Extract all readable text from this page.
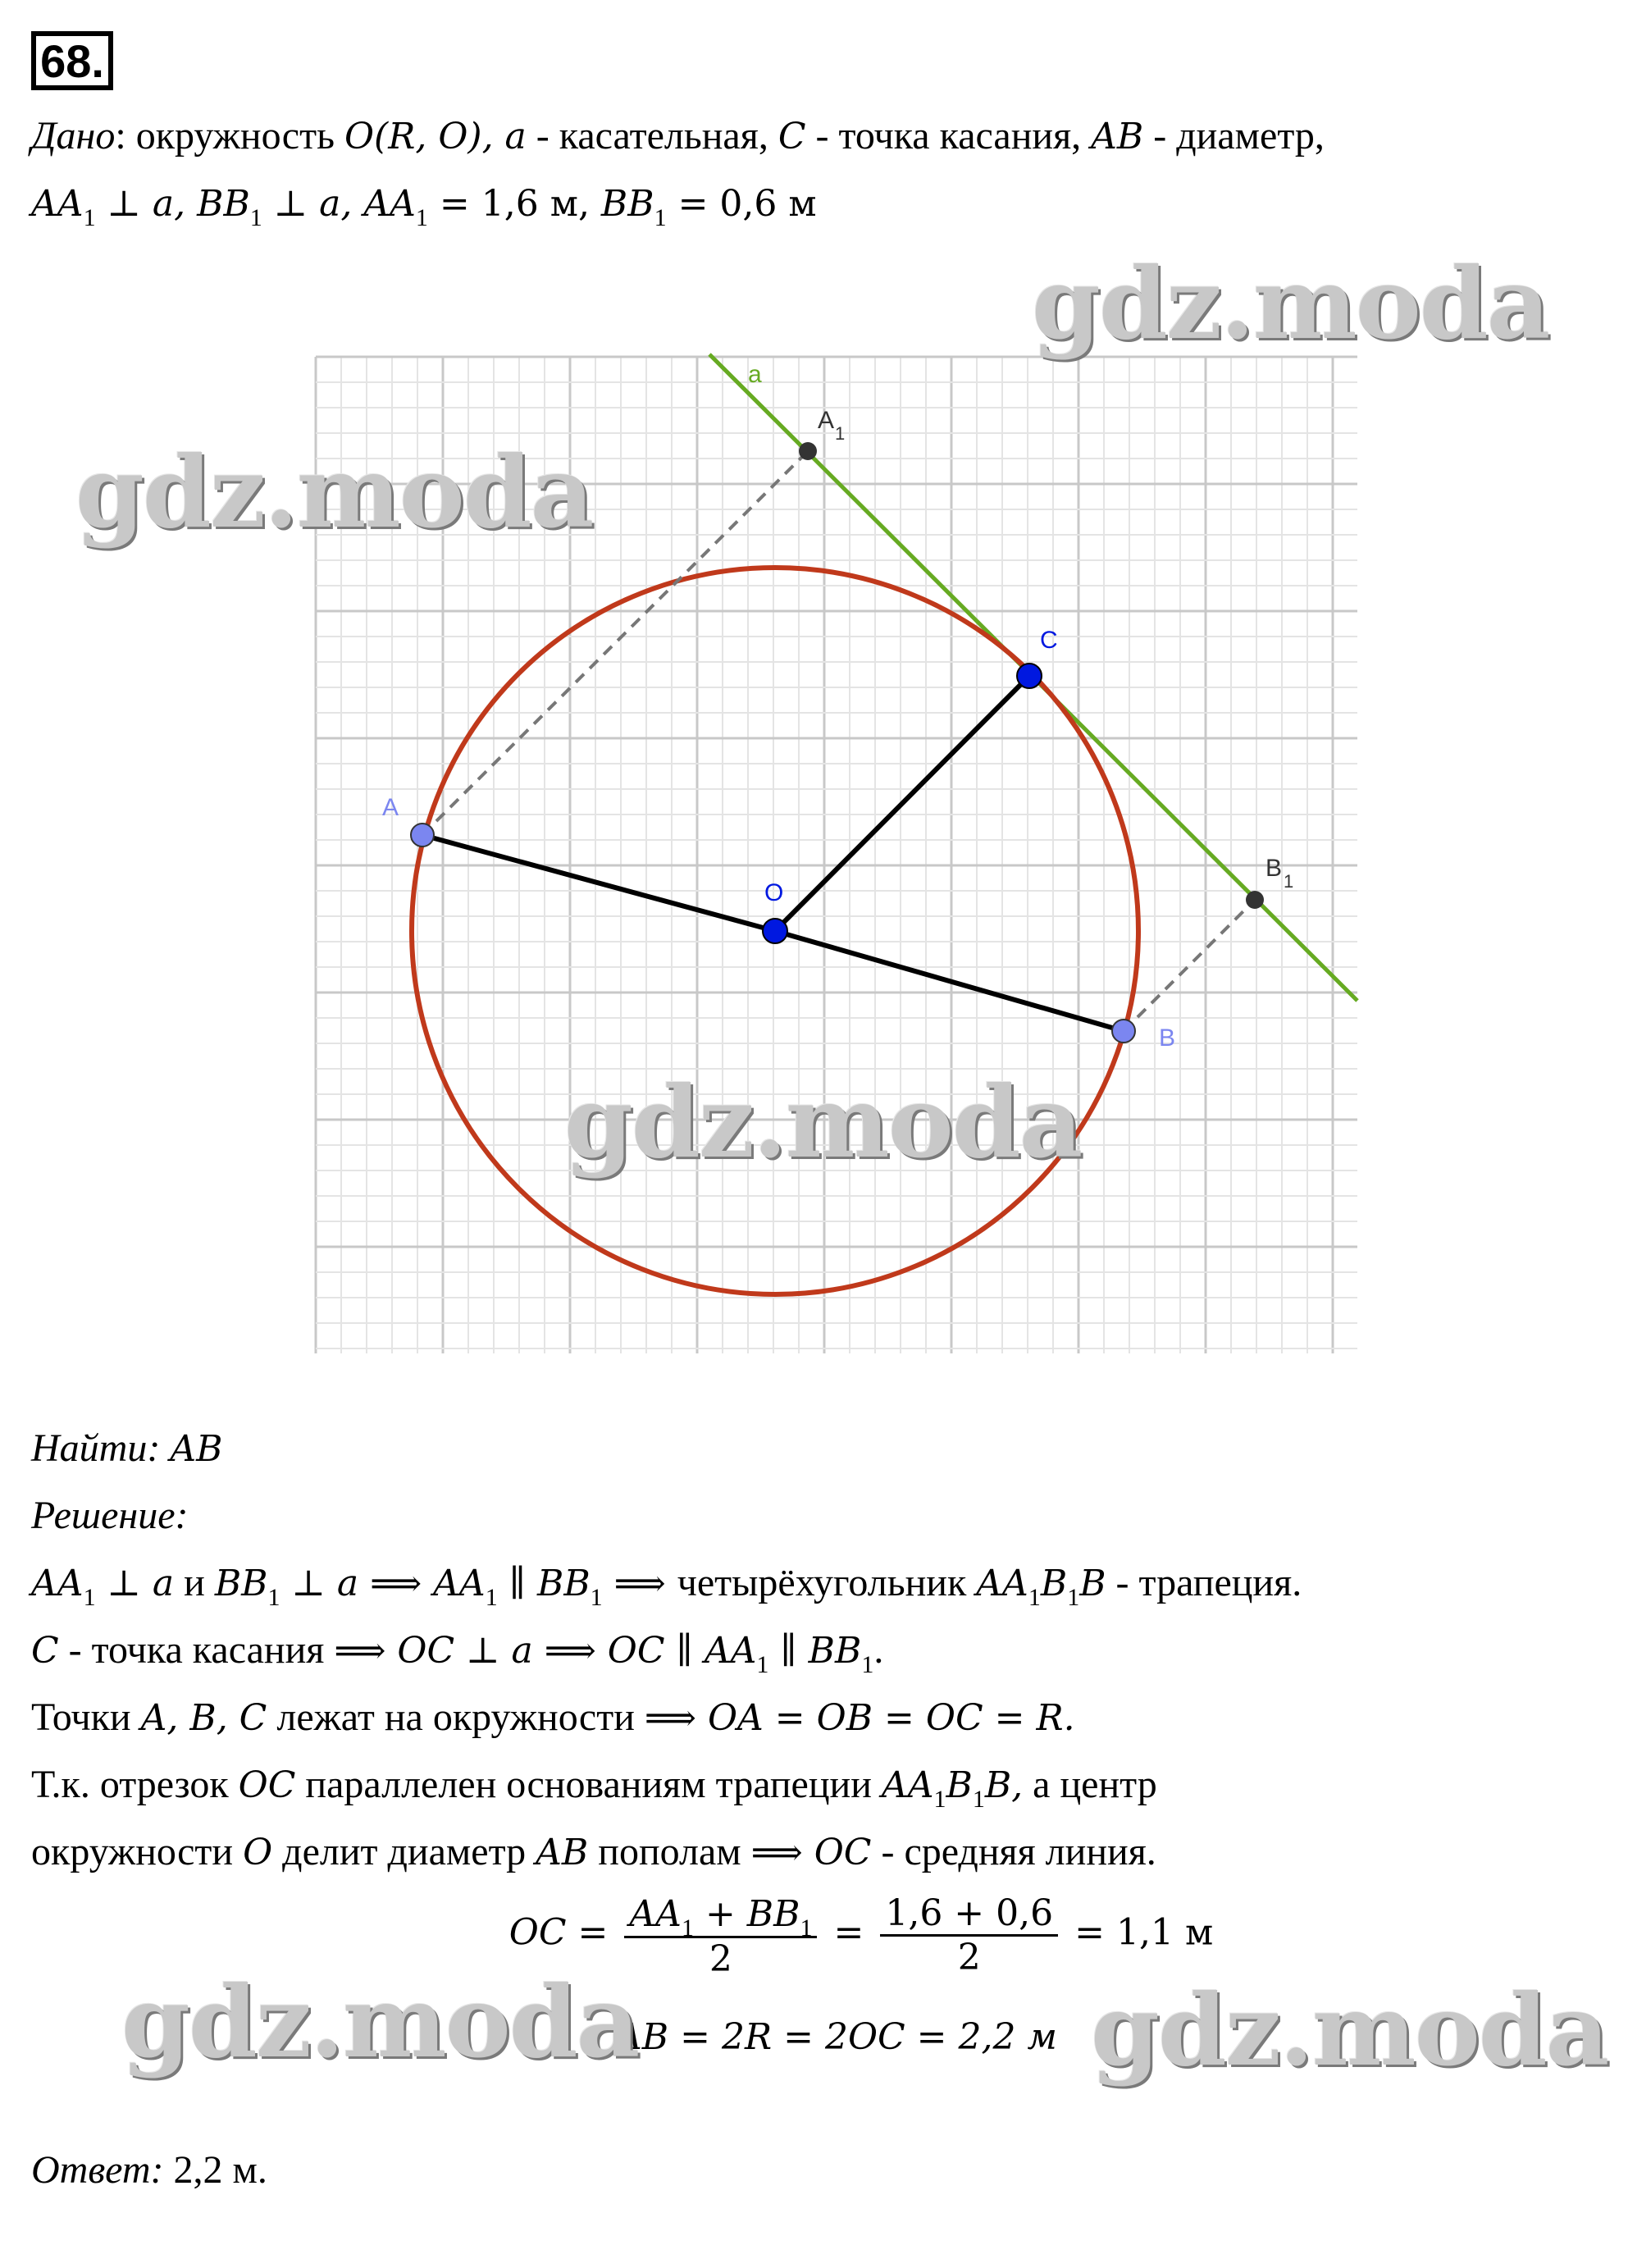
68.
Дано: окружность 𝑂(𝑅, 𝑂), 𝑎 - касательная, 𝐶 - точка касания, 𝐴𝐵 - диаметр,
𝐴𝐴$_1$ ⊥ 𝑎, 𝐵𝐵$_1$ ⊥ 𝑎, 𝐴𝐴$_1$ = 1,6 м, 𝐵𝐵$_1$ = 0,6 м
a
A 1
C
A
O
B 1
B
Найти: 𝐴𝐵
Решение:
𝐴𝐴$_1$ ⊥ 𝑎 и 𝐵𝐵$_1$ ⊥ 𝑎 ⟹ 𝐴𝐴$_1$ ∥ 𝐵𝐵$_1$ ⟹ четырёхугольник 𝐴𝐴$_1$𝐵$_1$𝐵 - трапеция.
𝐶 - точка касания ⟹ 𝑂𝐶 ⊥ 𝑎 ⟹ 𝑂𝐶 ∥ 𝐴𝐴$_1$ ∥ 𝐵𝐵$_1$.
Точки 𝐴, 𝐵, 𝐶 лежат на окружности ⟹ 𝑂𝐴 = 𝑂𝐵 = 𝑂𝐶 = 𝑅.
Т.к. отрезок 𝑂𝐶 параллелен основаниям трапеции 𝐴𝐴$_1$𝐵$_1$𝐵, а центр
окружности 𝑂 делит диаметр 𝐴𝐵 пополам ⟹ 𝑂𝐶 - средняя линия.
𝑂𝐶 = $\frac{𝐴𝐴_1 + 𝐵𝐵_1}{2} = \frac{1,6 + 0,6}{2} = 1,1$ м
𝐴𝐵 = 2𝑅 = 2𝑂𝐶 = 2,2 м
Ответ: 2,2 м.
gdz.moda
gdz.moda
gdz.moda
gdz.moda	gdz.moda
